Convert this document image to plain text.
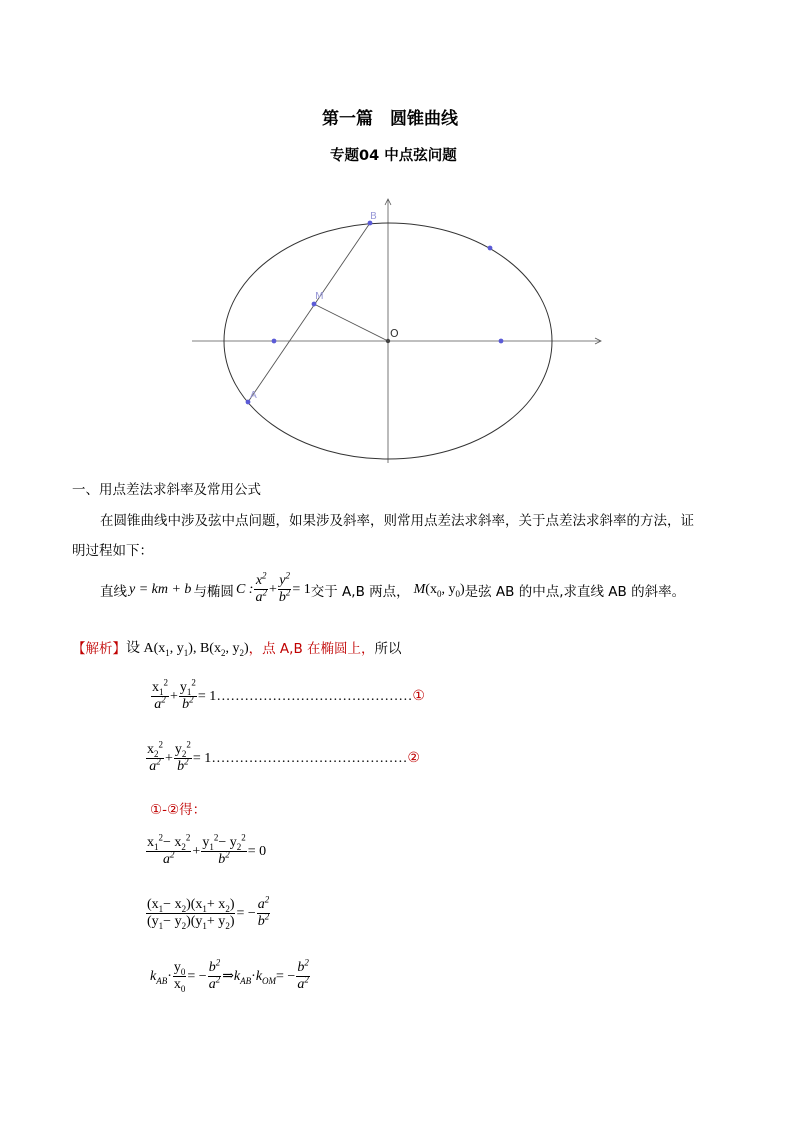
第一篇　圆锥曲线
专题04 中点弦问题
B
M
O
A
一、用点差法求斜率及常用公式
在圆锥曲线中涉及弦中点问题，如果涉及斜率，则常用点差法求斜率，关于点差法求斜率的方法，证
明过程如下：
直线 y = km + b 与椭圆 C : $\frac{x^2}{a^2} + \frac{y^2}{b^2} = 1$ 交于 A,B 两点， M ($x_0$, $y_0$) 是弦 AB 的中点,求直线 AB 的斜率。
【解析】 设 $A(x_1$, $y_1$), $B(x_2$, $y_2$) ，点 A,B 在椭圆上， 所以
$\frac{x_1^2}{a^2} + \frac{y_1^2}{b^2} = 1$ …………………………………… ①
$\frac{x_2^2}{a^2} + \frac{y_2^2}{b^2} = 1$ …………………………………… ②
①-②得：
$\frac{x_1^2- x_2^2}{a^2} + \frac{y_1^2- y_2^2}{b^2} = 0$
$\frac{(x_1- x_2)(x_1+ x_2)}{(y_1- y_2)(y_1+ y_2)}$ = − $\frac{a^2}{b^2}$
$k_{AB} \cdot \frac{y_0}{x_0}$ = − $\frac{b^2}{a^2}$ ⇒ $k_{AB} \cdot k_{OM}$ = − $\frac{b^2}{a^2}$
